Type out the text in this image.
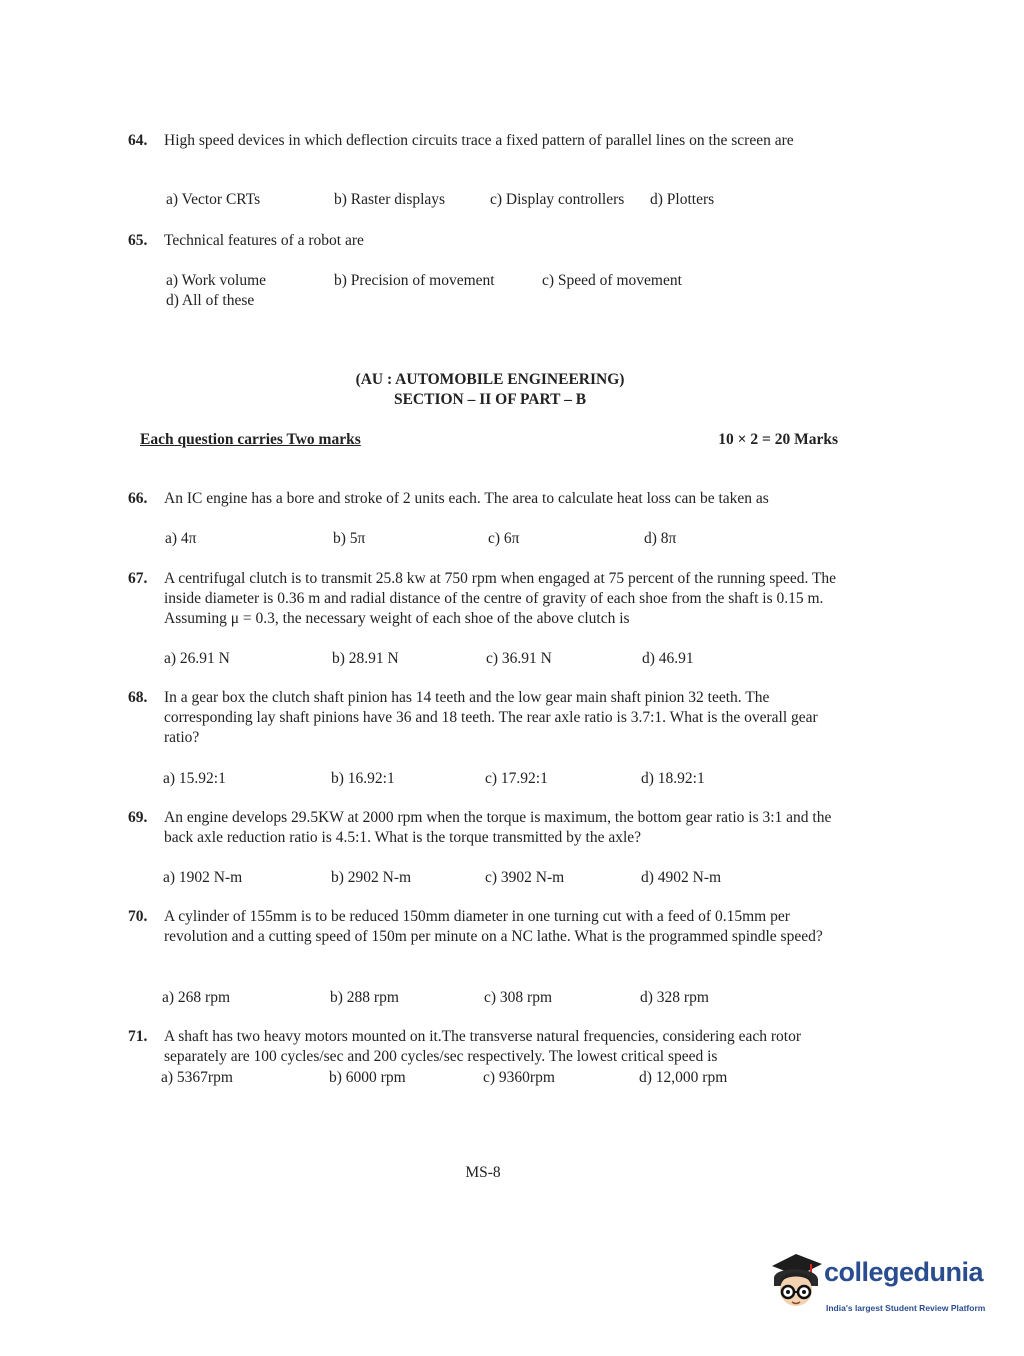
64. High speed devices in which deflection circuits trace a fixed pattern of parallel lines on the screen are
a) Vector CRTs	b) Raster displays	c) Display controllers d) Plotters
65. Technical features of a robot are
a) Work volume	b) Precision of movement	c) Speed of movement
d) All of these
(AU : AUTOMOBILE ENGINEERING)
SECTION – II OF PART – B
Each question carries Two marks	10 × 2 = 20 Marks
66. An IC engine has a bore and stroke of 2 units each. The area to calculate heat loss can be taken as
a) 4π	b) 5π	c) 6π	d) 8π
67. A centrifugal clutch is to transmit 25.8 kw at 750 rpm when engaged at 75 percent of the running speed. The inside diameter is 0.36 m and radial distance of the centre of gravity of each shoe from the shaft is 0.15 m. Assuming μ = 0.3, the necessary weight of each shoe of the above clutch is
a) 26.91 N	b) 28.91 N	c) 36.91 N	d) 46.91
68. In a gear box the clutch shaft pinion has 14 teeth and the low gear main shaft pinion 32 teeth. The corresponding lay shaft pinions have 36 and 18 teeth. The rear axle ratio is 3.7:1. What is the overall gear ratio?
a) 15.92:1	b) 16.92:1	c) 17.92:1	d) 18.92:1
69. An engine develops 29.5KW at 2000 rpm when the torque is maximum, the bottom gear ratio is 3:1 and the back axle reduction ratio is 4.5:1. What is the torque transmitted by the axle?
a) 1902 N-m	b) 2902 N-m	c) 3902 N-m	d) 4902 N-m
70. A cylinder of 155mm is to be reduced 150mm diameter in one turning cut with a feed of 0.15mm per revolution and a cutting speed of 150m per minute on a NC lathe. What is the programmed spindle speed?
a) 268 rpm	b) 288 rpm	c) 308 rpm	d) 328 rpm
71. A shaft has two heavy motors mounted on it.The transverse natural frequencies, considering each rotor separately are 100 cycles/sec and 200 cycles/sec respectively. The lowest critical speed is
a) 5367rpm	b) 6000 rpm	c) 9360rpm	d) 12,000 rpm
MS-8
collegedunia
India's largest Student Review Platform
